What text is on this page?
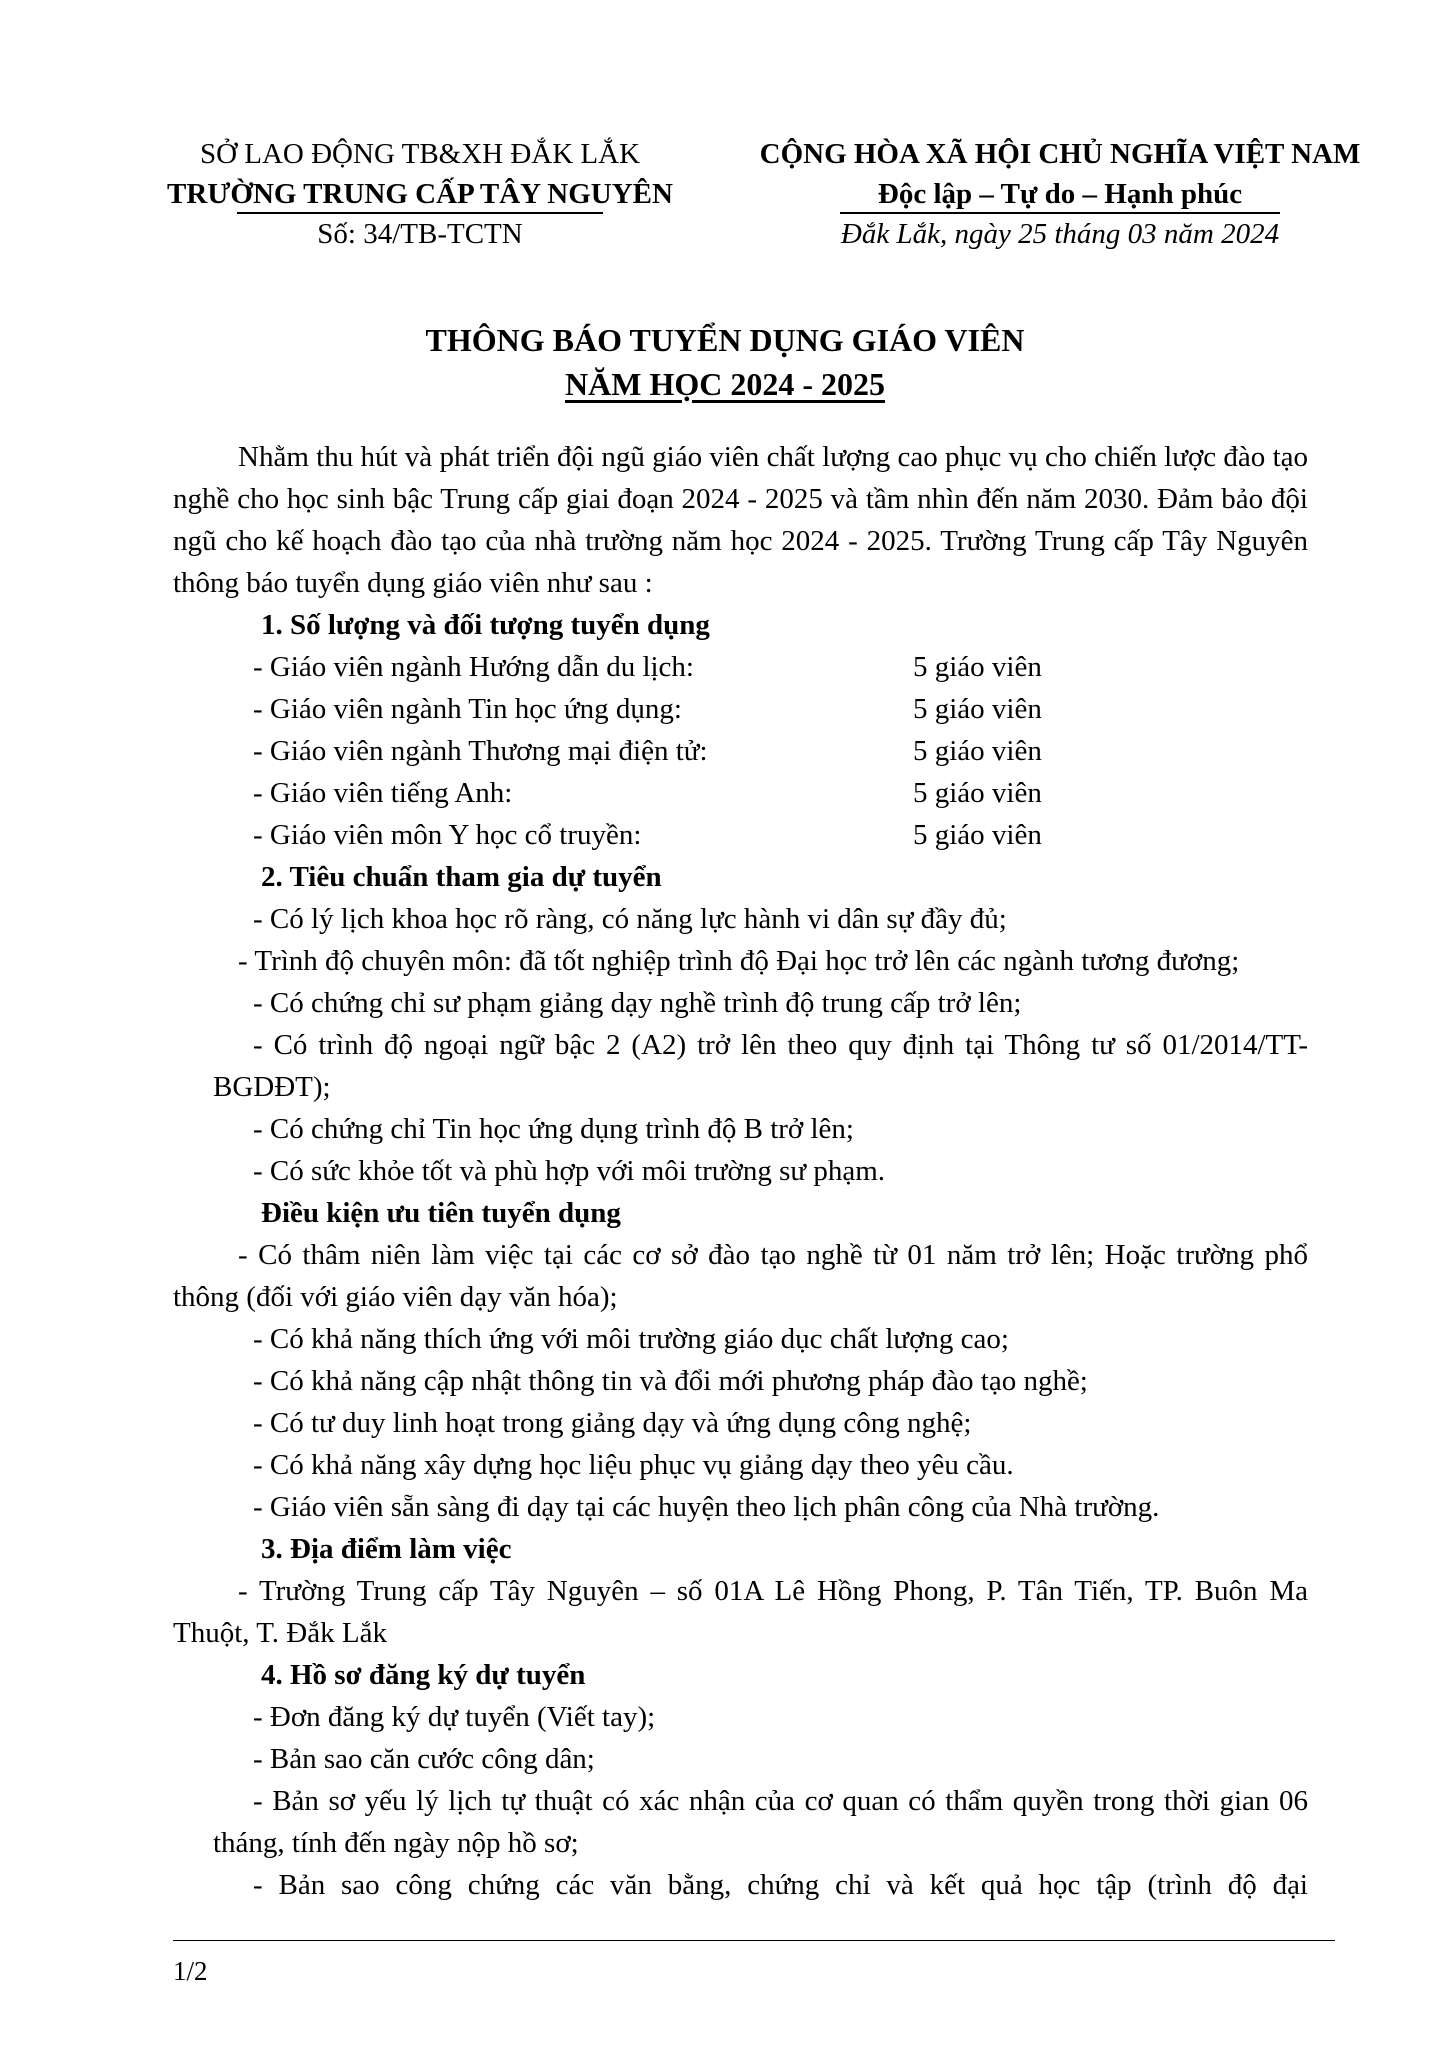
SỞ LAO ĐỘNG TB&XH ĐẮK LẮK
TRƯỜNG TRUNG CẤP TÂY NGUYÊN
Số: 34/TB-TCTN
CỘNG HÒA XÃ HỘI CHỦ NGHĨA VIỆT NAM
Độc lập – Tự do – Hạnh phúc
Đắk Lắk, ngày 25 tháng 03 năm 2024
THÔNG BÁO TUYỂN DỤNG GIÁO VIÊN
NĂM HỌC 2024 - 2025

Nhằm thu hút và phát triển đội ngũ giáo viên chất lượng cao phục vụ cho chiến lược đào tạo nghề cho học sinh bậc Trung cấp giai đoạn 2024 - 2025 và tầm nhìn đến năm 2030. Đảm bảo đội ngũ cho kế hoạch đào tạo của nhà trường năm học 2024 - 2025. Trường Trung cấp Tây Nguyên thông báo tuyển dụng giáo viên như sau :

1. Số lượng và đối tượng tuyển dụng
- Giáo viên ngành Hướng dẫn du lịch:	5 giáo viên
- Giáo viên ngành Tin học ứng dụng:	5 giáo viên
- Giáo viên ngành Thương mại điện tử:	5 giáo viên
- Giáo viên tiếng Anh:	5 giáo viên
- Giáo viên môn Y học cổ truyền:	5 giáo viên
2. Tiêu chuẩn tham gia dự tuyển

- Có lý lịch khoa học rõ ràng, có năng lực hành vi dân sự đầy đủ;

- Trình độ chuyên môn: đã tốt nghiệp trình độ Đại học trở lên các ngành tương đương;

- Có chứng chỉ sư phạm giảng dạy nghề trình độ trung cấp trở lên;

- Có trình độ ngoại ngữ bậc 2 (A2) trở lên theo quy định tại Thông tư số 01/2014/TT-BGDĐT);

- Có chứng chỉ Tin học ứng dụng trình độ B trở lên;

- Có sức khỏe tốt và phù hợp với môi trường sư phạm.

Điều kiện ưu tiên tuyển dụng

- Có thâm niên làm việc tại các cơ sở đào tạo nghề từ 01 năm trở lên; Hoặc trường phổ thông (đối với giáo viên dạy văn hóa);

- Có khả năng thích ứng với môi trường giáo dục chất lượng cao;

- Có khả năng cập nhật thông tin và đổi mới phương pháp đào tạo nghề;

- Có tư duy linh hoạt trong giảng dạy và ứng dụng công nghệ;

- Có khả năng xây dựng học liệu phục vụ giảng dạy theo yêu cầu.

- Giáo viên sẵn sàng đi dạy tại các huyện theo lịch phân công của Nhà trường.

3. Địa điểm làm việc

- Trường Trung cấp Tây Nguyên – số 01A Lê Hồng Phong, P. Tân Tiến, TP. Buôn Ma Thuột, T. Đắk Lắk

4. Hồ sơ đăng ký dự tuyển

- Đơn đăng ký dự tuyển (Viết tay);

- Bản sao căn cước công dân;

- Bản sơ yếu lý lịch tự thuật có xác nhận của cơ quan có thẩm quyền trong thời gian 06 tháng, tính đến ngày nộp hồ sơ;

- Bản sao công chứng các văn bằng, chứng chỉ và kết quả học tập (trình độ đại

1/2
